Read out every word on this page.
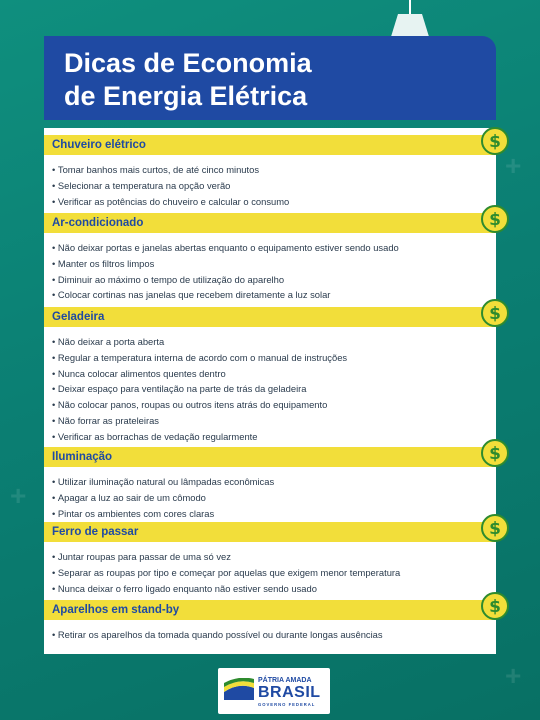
+
+
+
Dicas de Economia
de Energia Elétrica
Chuveiro elétrico	$
• Tomar banhos mais curtos, de até cinco minutos
• Selecionar a temperatura na opção verão
• Verificar as potências do chuveiro e calcular o consumo
Ar-condicionado	$
• Não deixar portas e janelas abertas enquanto o equipamento estiver sendo usado
• Manter os filtros limpos
• Diminuir ao máximo o tempo de utilização do aparelho
• Colocar cortinas nas janelas que recebem diretamente a luz solar
Geladeira	$
• Não deixar a porta aberta
• Regular a temperatura interna de acordo com o manual de instruções
• Nunca colocar alimentos quentes dentro
• Deixar espaço para ventilação na parte de trás da geladeira
• Não colocar panos, roupas ou outros itens atrás do equipamento
• Não forrar as prateleiras
• Verificar as borrachas de vedação regularmente
Iluminação	$
• Utilizar iluminação natural ou lâmpadas econômicas
• Apagar a luz ao sair de um cômodo
• Pintar os ambientes com cores claras
Ferro de passar	$
• Juntar roupas para passar de uma só vez
• Separar as roupas por tipo e começar por aquelas que exigem menor temperatura
• Nunca deixar o ferro ligado enquanto não estiver sendo usado
Aparelhos em stand-by	$
• Retirar os aparelhos da tomada quando possível ou durante longas ausências
PÁTRIA AMADA
BRASIL
GOVERNO FEDERAL
